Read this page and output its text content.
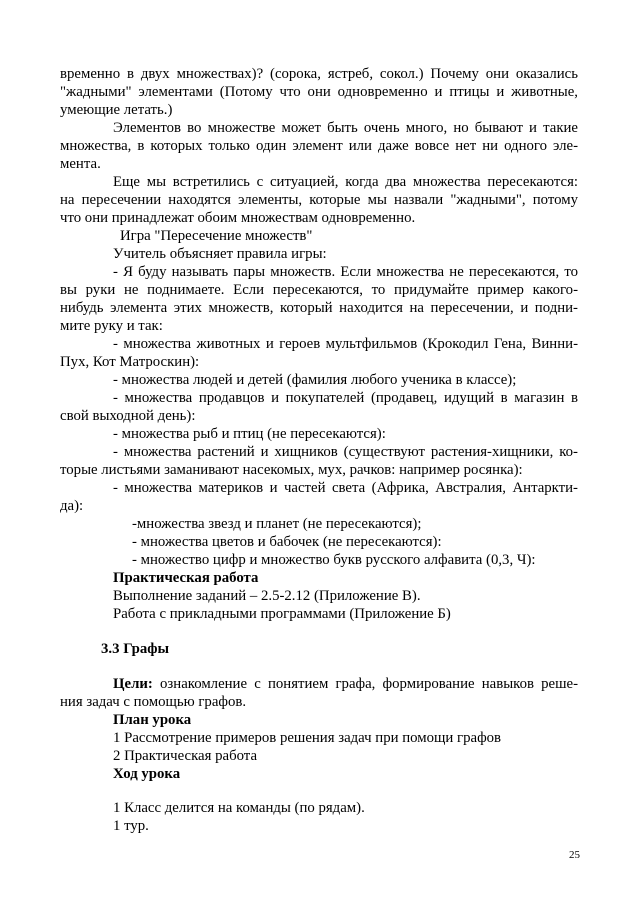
временно в двух множествах)? (сорока, ястреб, сокол.) Почему они оказались
"жадными" элементами (Потому что они одновременно и птицы и животные,
умеющие летать.)
Элементов во множестве может быть очень много, но бывают и такие
множества, в которых только один элемент или даже вовсе нет ни одного эле-
мента.
Еще мы встретились с ситуацией, когда два множества пересекаются:
на пересечении находятся элементы, которые мы назвали "жадными", потому
что они принадлежат обоим множествам одновременно.
Игра "Пересечение множеств"
Учитель объясняет правила игры:
- Я буду называть пары множеств. Если множества не пересекаются, то
вы руки не поднимаете. Если пересекаются, то придумайте пример какого-
нибудь элемента этих множеств, который находится на пересечении, и подни-
мите руку и так:
- множества животных и героев мультфильмов (Крокодил Гена, Винни-
Пух, Кот Матроскин):
- множества людей и детей (фамилия любого ученика в классе);
- множества продавцов и покупателей (продавец, идущий в магазин в
свой выходной день):
- множества рыб и птиц (не пересекаются):
- множества растений и хищников (существуют растения-хищники, ко-
торые листьями заманивают насекомых, мух, рачков: например росянка):
- множества материков и частей света (Африка, Австралия, Антаркти-
да):
-множества звезд и планет (не пересекаются);
- множества цветов и бабочек (не пересекаются):
- множество цифр и множество букв русского алфавита (0,3, Ч):
Практическая работа
Выполнение заданий – 2.5-2.12 (Приложение В).
Работа с прикладными программами (Приложение Б)
3.3 Графы
Цели: ознакомление с понятием графа, формирование навыков реше-
ния задач с помощью графов.
План урока
1 Рассмотрение примеров решения задач при помощи графов
2 Практическая работа
Ход урока
1 Класс делится на команды (по рядам).
1 тур.
25
